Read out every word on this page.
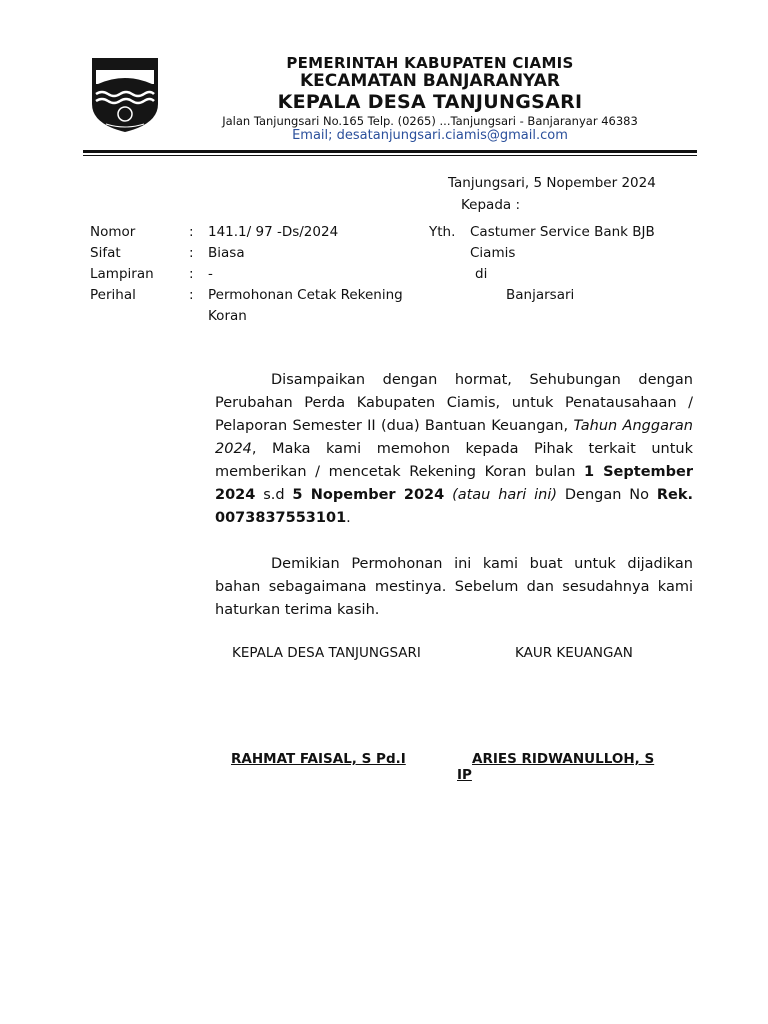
PEMERINTAH KABUPATEN CIAMIS
KECAMATAN BANJARANYAR
KEPALA DESA TANJUNGSARI
Jalan Tanjungsari No.165 Telp. (0265) ...Tanjungsari - Banjaranyar 46383
Email; desatanjungsari.ciamis@gmail.com
Tanjungsari, 5 Nopember 2024
Kepada :
Nomor	: 141.1/ 97 -Ds/2024
Sifat	: Biasa
Lampiran	: -
Perihal	: Permohonan Cetak Rekening
Koran
Yth. Castumer Service Bank BJB
Ciamis
di
Banjarsari

Disampaikan dengan hormat, Sehubungan dengan Perubahan Perda Kabupaten Ciamis, untuk Penatausahaan / Pelaporan Semester II (dua) Bantuan Keuangan, Tahun Anggaran 2024, Maka kami memohon kepada Pihak terkait untuk memberikan / mencetak Rekening Koran bulan 1 September 2024 s.d 5 Nopember 2024 (atau hari ini) Dengan No Rek. 0073837553101.

Demikian Permohonan ini kami buat untuk dijadikan bahan sebagaimana mestinya. Sebelum dan sesudahnya kami haturkan terima kasih.

KEPALA DESA TANJUNGSARI	KAUR KEUANGAN
RAHMAT FAISAL, S Pd.I	ARIES RIDWANULLOH, S
IP
